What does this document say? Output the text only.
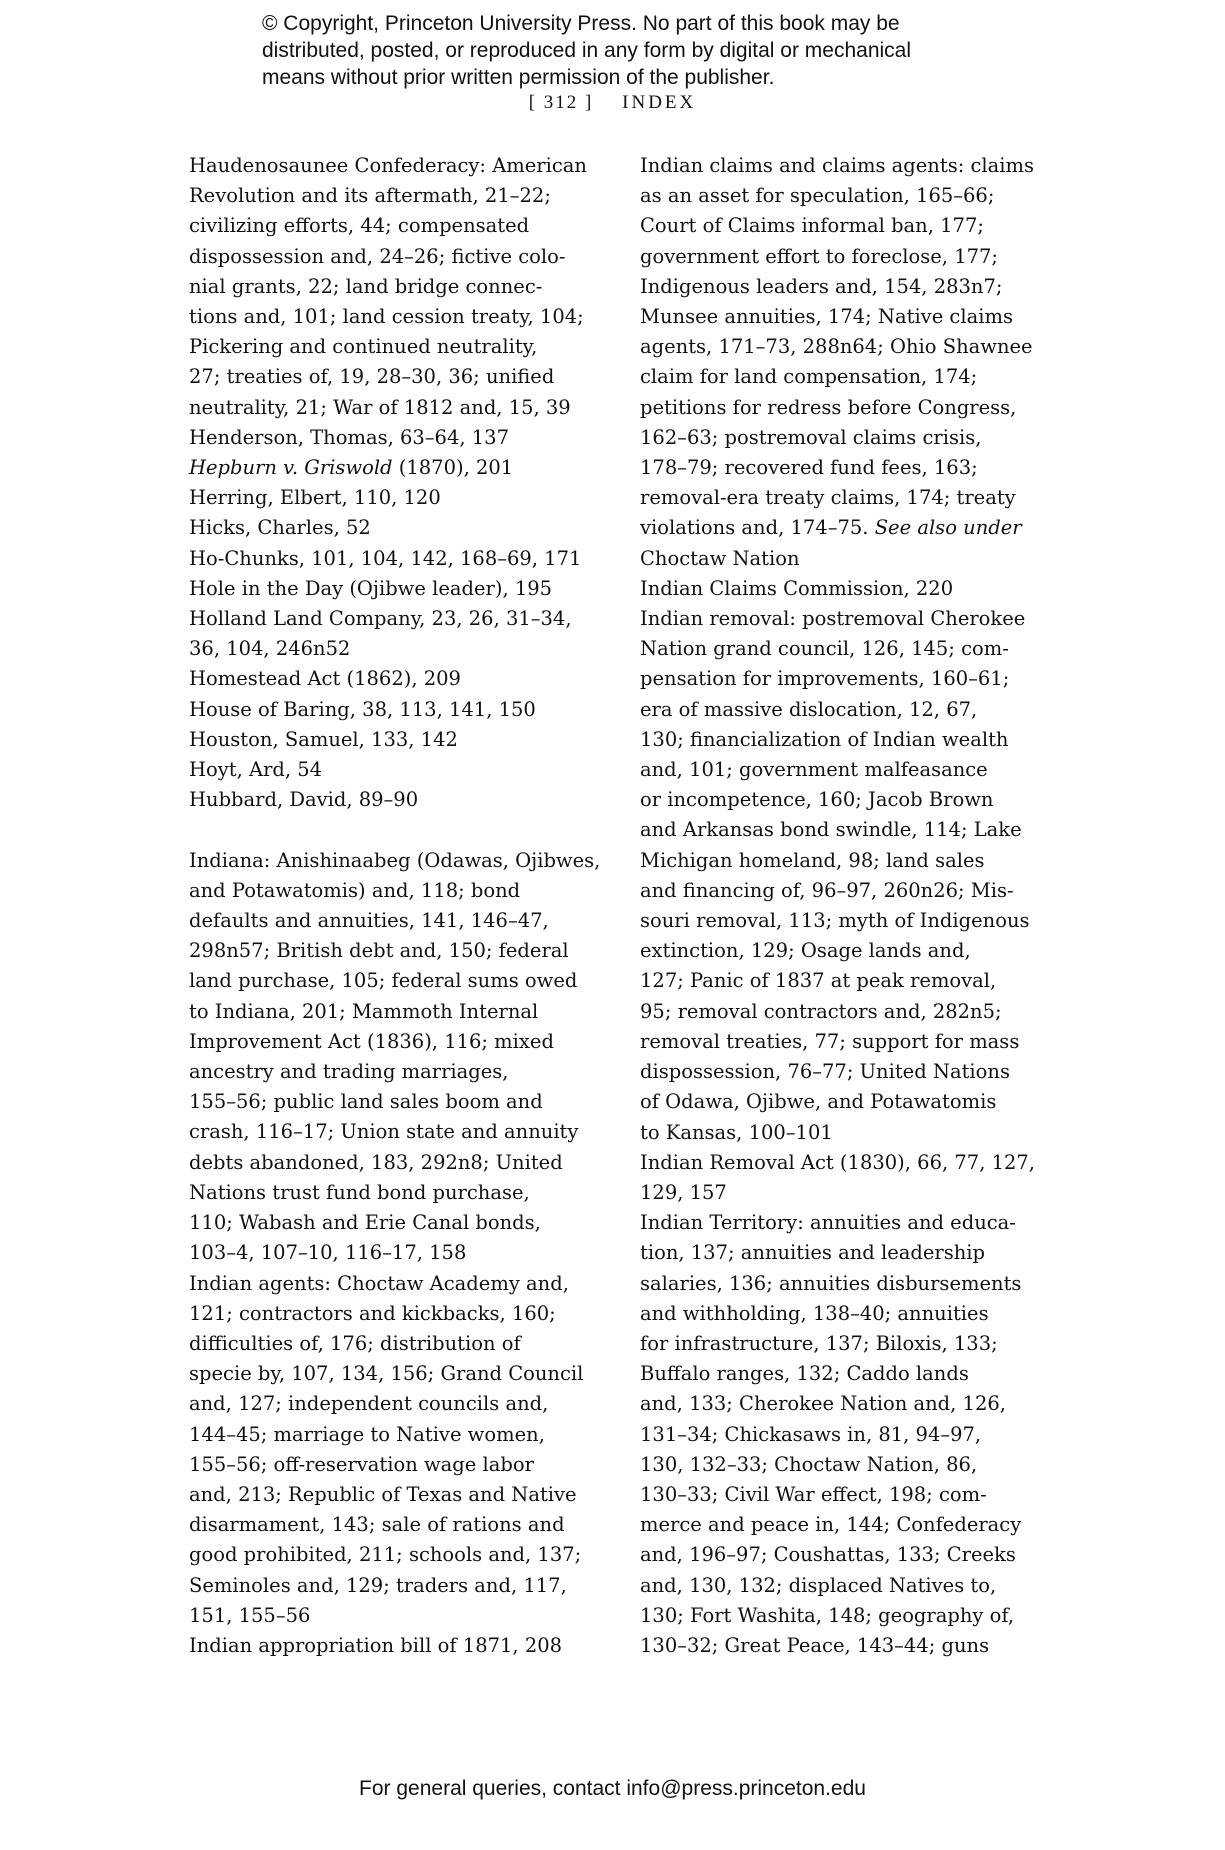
© Copyright, Princeton University Press. No part of this book may be
distributed, posted, or reproduced in any form by digital or mechanical
means without prior written permission of the publisher.
[ 312 ] INDEX
Haudenosaunee Confederacy: American
Revolution and its aftermath, 21–22;
civilizing efforts, 44; compensated
dispossession and, 24–26; fictive colo-
nial grants, 22; land bridge connec-
tions and, 101; land cession treaty, 104;
Pickering and continued neutrality,
27; treaties of, 19, 28–30, 36; unified
neutrality, 21; War of 1812 and, 15, 39
Henderson, Thomas, 63–64, 137
Hepburn v. Griswold (1870), 201
Herring, Elbert, 110, 120
Hicks, Charles, 52
Ho-Chunks, 101, 104, 142, 168–69, 171
Hole in the Day (Ojibwe leader), 195
Holland Land Company, 23, 26, 31–34,
36, 104, 246n52
Homestead Act (1862), 209
House of Baring, 38, 113, 141, 150
Houston, Samuel, 133, 142
Hoyt, Ard, 54
Hubbard, David, 89–90
Indiana: Anishinaabeg (Odawas, Ojibwes,
and Potawatomis) and, 118; bond
defaults and annuities, 141, 146–47,
298n57; British debt and, 150; federal
land purchase, 105; federal sums owed
to Indiana, 201; Mammoth Internal
Improvement Act (1836), 116; mixed
ancestry and trading marriages,
155–56; public land sales boom and
crash, 116–17; Union state and annuity
debts abandoned, 183, 292n8; United
Nations trust fund bond purchase,
110; Wabash and Erie Canal bonds,
103–4, 107–10, 116–17, 158
Indian agents: Choctaw Academy and,
121; contractors and kickbacks, 160;
difficulties of, 176; distribution of
specie by, 107, 134, 156; Grand Council
and, 127; independent councils and,
144–45; marriage to Native women,
155–56; off-reservation wage labor
and, 213; Republic of Texas and Native
disarmament, 143; sale of rations and
good prohibited, 211; schools and, 137;
Seminoles and, 129; traders and, 117,
151, 155–56
Indian appropriation bill of 1871, 208
Indian claims and claims agents: claims
as an asset for speculation, 165–66;
Court of Claims informal ban, 177;
government effort to foreclose, 177;
Indigenous leaders and, 154, 283n7;
Munsee annuities, 174; Native claims
agents, 171–73, 288n64; Ohio Shawnee
claim for land compensation, 174;
petitions for redress before Congress,
162–63; postremoval claims crisis,
178–79; recovered fund fees, 163;
removal-era treaty claims, 174; treaty
violations and, 174–75. See also under
Choctaw Nation
Indian Claims Commission, 220
Indian removal: postremoval Cherokee
Nation grand council, 126, 145; com-
pensation for improvements, 160–61;
era of massive dislocation, 12, 67,
130; financialization of Indian wealth
and, 101; government malfeasance
or incompetence, 160; Jacob Brown
and Arkansas bond swindle, 114; Lake
Michigan homeland, 98; land sales
and financing of, 96–97, 260n26; Mis-
souri removal, 113; myth of Indigenous
extinction, 129; Osage lands and,
127; Panic of 1837 at peak removal,
95; removal contractors and, 282n5;
removal treaties, 77; support for mass
dispossession, 76–77; United Nations
of Odawa, Ojibwe, and Potawatomis
to Kansas, 100–101
Indian Removal Act (1830), 66, 77, 127,
129, 157
Indian Territory: annuities and educa-
tion, 137; annuities and leadership
salaries, 136; annuities disbursements
and withholding, 138–40; annuities
for infrastructure, 137; Biloxis, 133;
Buffalo ranges, 132; Caddo lands
and, 133; Cherokee Nation and, 126,
131–34; Chickasaws in, 81, 94–97,
130, 132–33; Choctaw Nation, 86,
130–33; Civil War effect, 198; com-
merce and peace in, 144; Confederacy
and, 196–97; Coushattas, 133; Creeks
and, 130, 132; displaced Natives to,
130; Fort Washita, 148; geography of,
130–32; Great Peace, 143–44; guns
For general queries, contact info@press.princeton.edu
